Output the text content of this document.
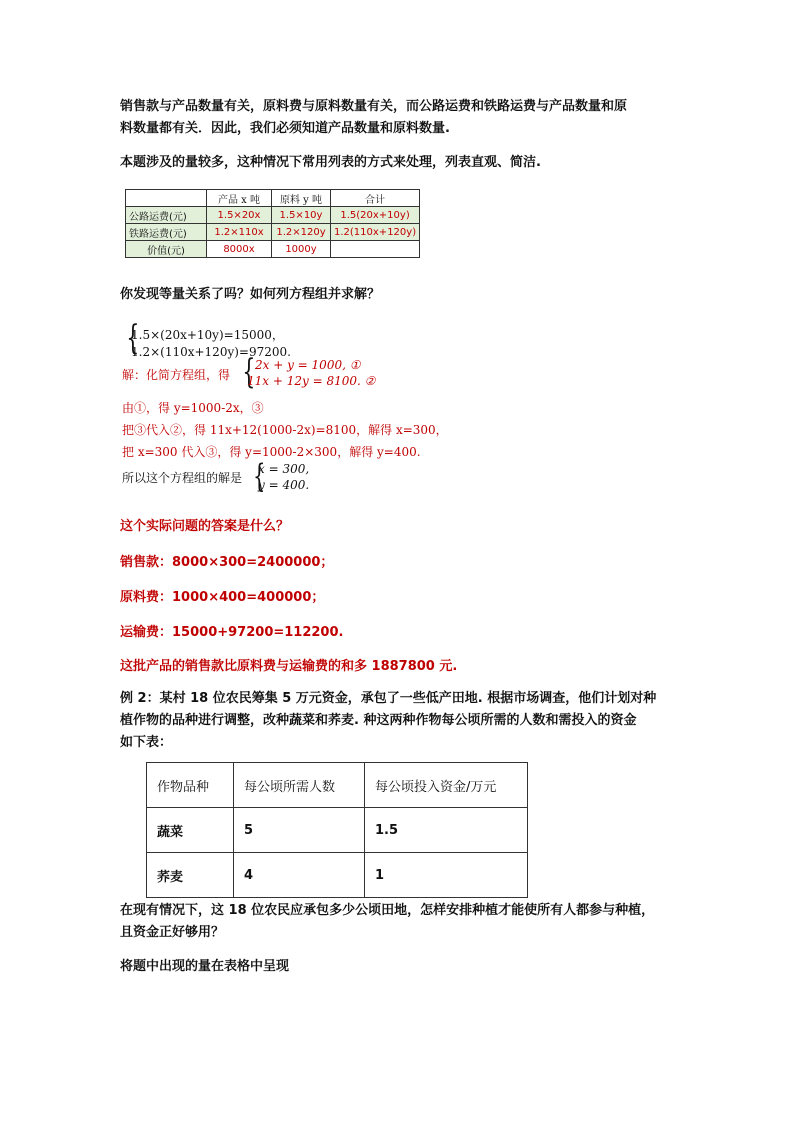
销售款与产品数量有关，原料费与原料数量有关，而公路运费和铁路运费与产品数量和原
料数量都有关．因此，我们必须知道产品数量和原料数量.
本题涉及的量较多，这种情况下常用列表的方式来处理，列表直观、简洁.
	产品 x 吨	原料 y 吨	合计
公路运费(元)	1.5×20x	1.5×10y	1.5(20x+10y)
铁路运费(元)	1.2×110x	1.2×120y	1.2(110x+120y)
价值(元)	8000x	1000y	
你发现等量关系了吗？如何列方程组并求解？
{
1.5×(20x+10y)=15000，
1.2×(110x+120y)=97200.
解：化简方程组，得 { 2x + y = 1000, ①
11x + 12y = 8100. ②
由①，得 y=1000-2x，③
把③代入②，得 11x+12(1000-2x)=8100，解得 x=300，
把 x=300 代入③，得 y=1000-2×300，解得 y=400.
所以这个方程组的解是 {
x = 300,
y = 400.
这个实际问题的答案是什么？
销售款：8000×300=2400000；
原料费：1000×400=400000；
运输费：15000+97200=112200.
这批产品的销售款比原料费与运输费的和多 1887800 元.
例 2：某村 18 位农民筹集 5 万元资金，承包了一些低产田地. 根据市场调查，他们计划对种
植作物的品种进行调整，改种蔬菜和荞麦. 种这两种作物每公顷所需的人数和需投入的资金
如下表：
作物品种	每公顷所需人数	每公顷投入资金/万元
蔬菜	5	1.5
荞麦	4	1
在现有情况下，这 18 位农民应承包多少公顷田地，怎样安排种植才能使所有人都参与种植，
且资金正好够用？
将题中出现的量在表格中呈现
